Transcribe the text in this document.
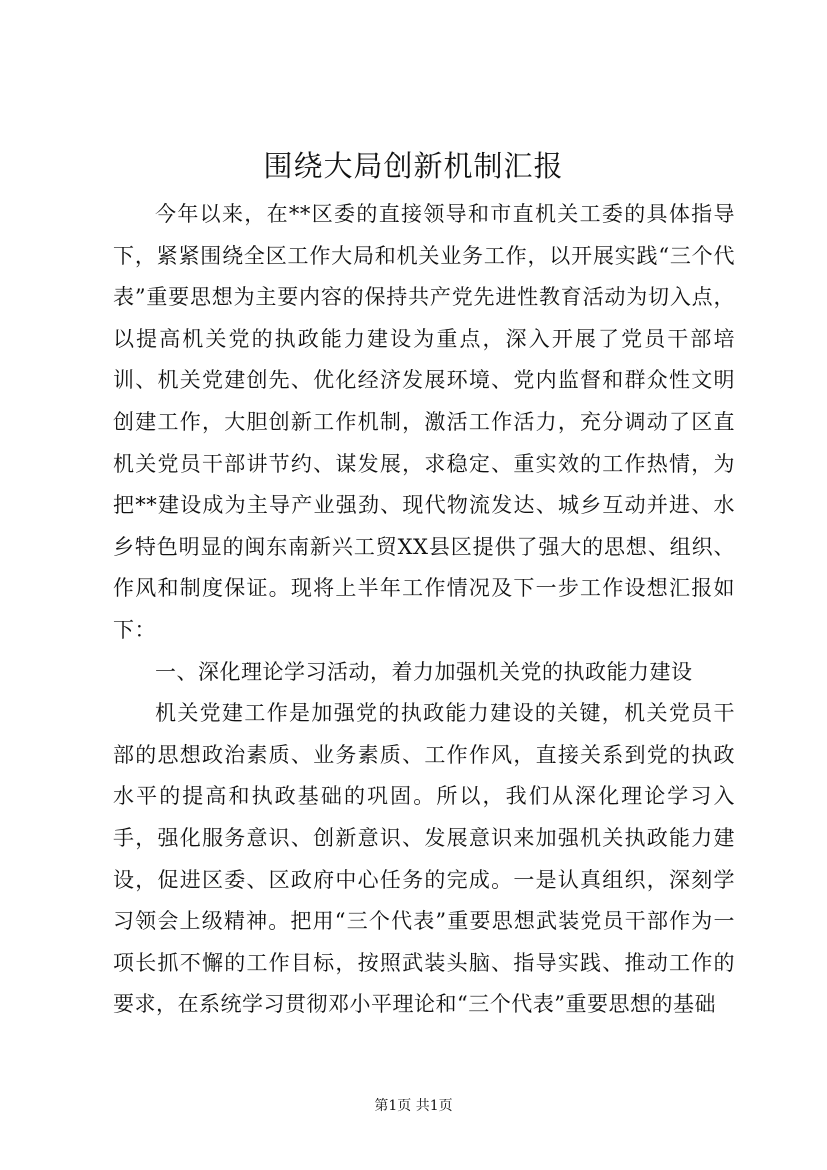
围绕大局创新机制汇报

今年以来，在**区委的直接领导和市直机关工委的具体指导下，紧紧围绕全区工作大局和机关业务工作，以开展实践“三个代表”重要思想为主要内容的保持共产党先进性教育活动为切入点，以提高机关党的执政能力建设为重点，深入开展了党员干部培训、机关党建创先、优化经济发展环境、党内监督和群众性文明创建工作，大胆创新工作机制，激活工作活力，充分调动了区直机关党员干部讲节约、谋发展，求稳定、重实效的工作热情，为把**建设成为主导产业强劲、现代物流发达、城乡互动并进、水乡特色明显的闽东南新兴工贸XX县区提供了强大的思想、组织、作风和制度保证。现将上半年工作情况及下一步工作设想汇报如下：

一、深化理论学习活动，着力加强机关党的执政能力建设

机关党建工作是加强党的执政能力建设的关键，机关党员干部的思想政治素质、业务素质、工作作风，直接关系到党的执政水平的提高和执政基础的巩固。所以，我们从深化理论学习入手，强化服务意识、创新意识、发展意识来加强机关执政能力建设，促进区委、区政府中心任务的完成。一是认真组织，深刻学习领会上级精神。把用“三个代表”重要思想武装党员干部作为一项长抓不懈的工作目标，按照武装头脑、指导实践、推动工作的要求，在系统学习贯彻邓小平理论和“三个代表”重要思想的基础

第1页 共1页
